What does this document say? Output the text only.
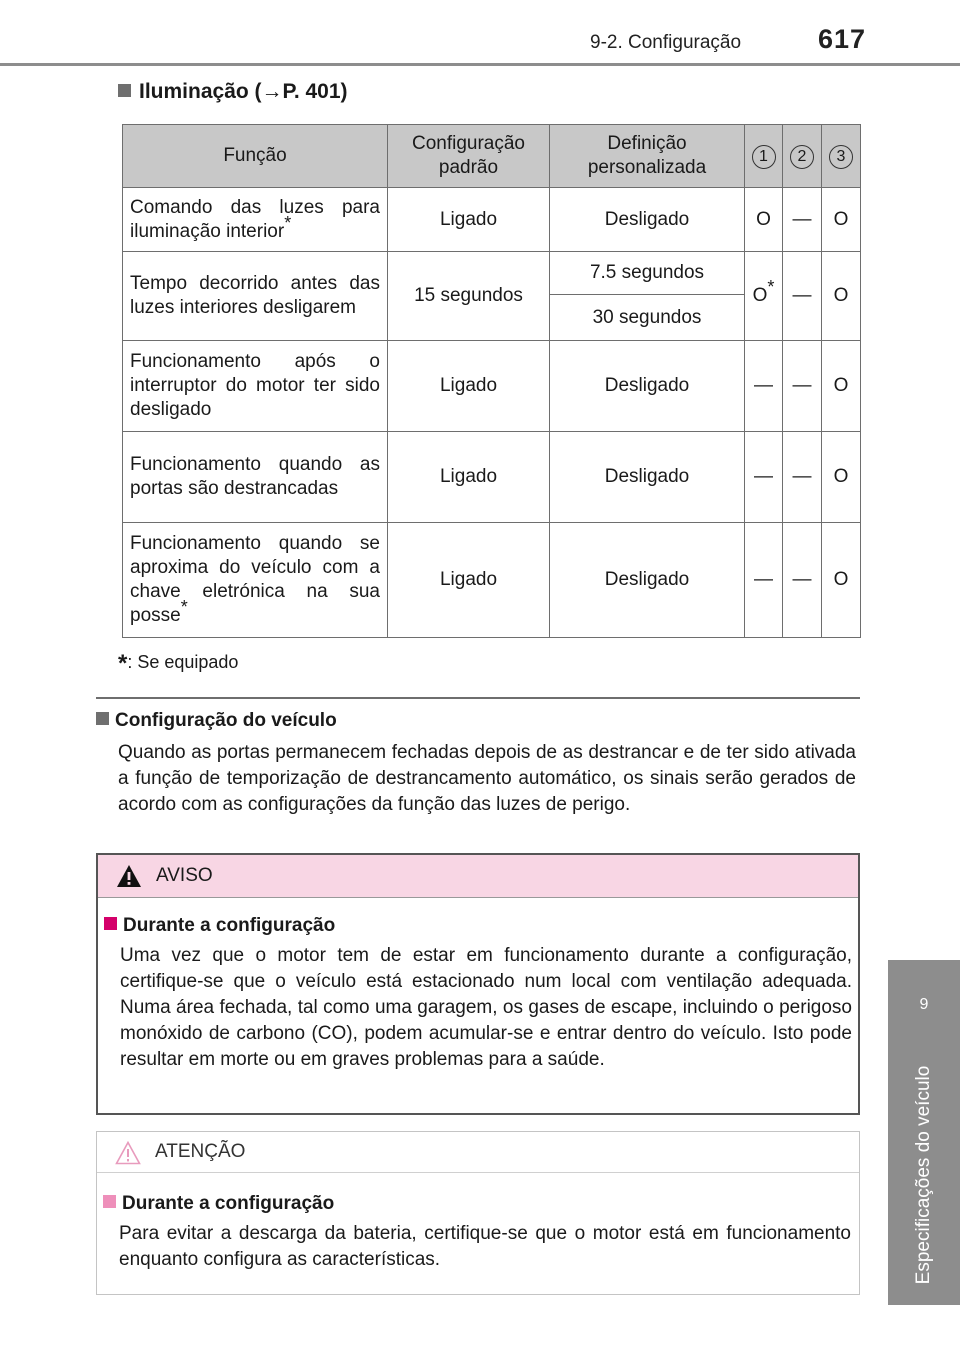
9-2. Configuração	617
9
Especificações do veículo
Iluminação (→P. 401)
Função	Configuração padrão	Definição personalizada	1	2	3
Comando das luzes para iluminação interior*	Ligado	Desligado	O	—	O
Tempo decorrido antes das luzes interiores desligarem	15 segundos	7.5 segundos	O*	—	O
		30 segundos			
Funcionamento após o interruptor do motor ter sido desligado	Ligado	Desligado	—	—	O
Funcionamento quando as portas são destrancadas	Ligado	Desligado	—	—	O
Funcionamento quando se aproxima do veículo com a chave eletrónica na sua posse*	Ligado	Desligado	—	—	O
*: Se equipado
Configuração do veículo
Quando as portas permanecem fechadas depois de as destrancar e de ter sido ativada a função de temporização de destrancamento automático, os sinais serão gerados de acordo com as configurações da função das luzes de perigo.
AVISO
Durante a configuração
Uma vez que o motor tem de estar em funcionamento durante a configuração, certifique-se que o veículo está estacionado num local com ventilação adequada. Numa área fechada, tal como uma garagem, os gases de escape, incluindo o perigoso monóxido de carbono (CO), podem acumular-se e entrar dentro do veículo. Isto pode resultar em morte ou em graves problemas para a saúde.
ATENÇÃO
Durante a configuração
Para evitar a descarga da bateria, certifique-se que o motor está em funcionamento enquanto configura as características.
